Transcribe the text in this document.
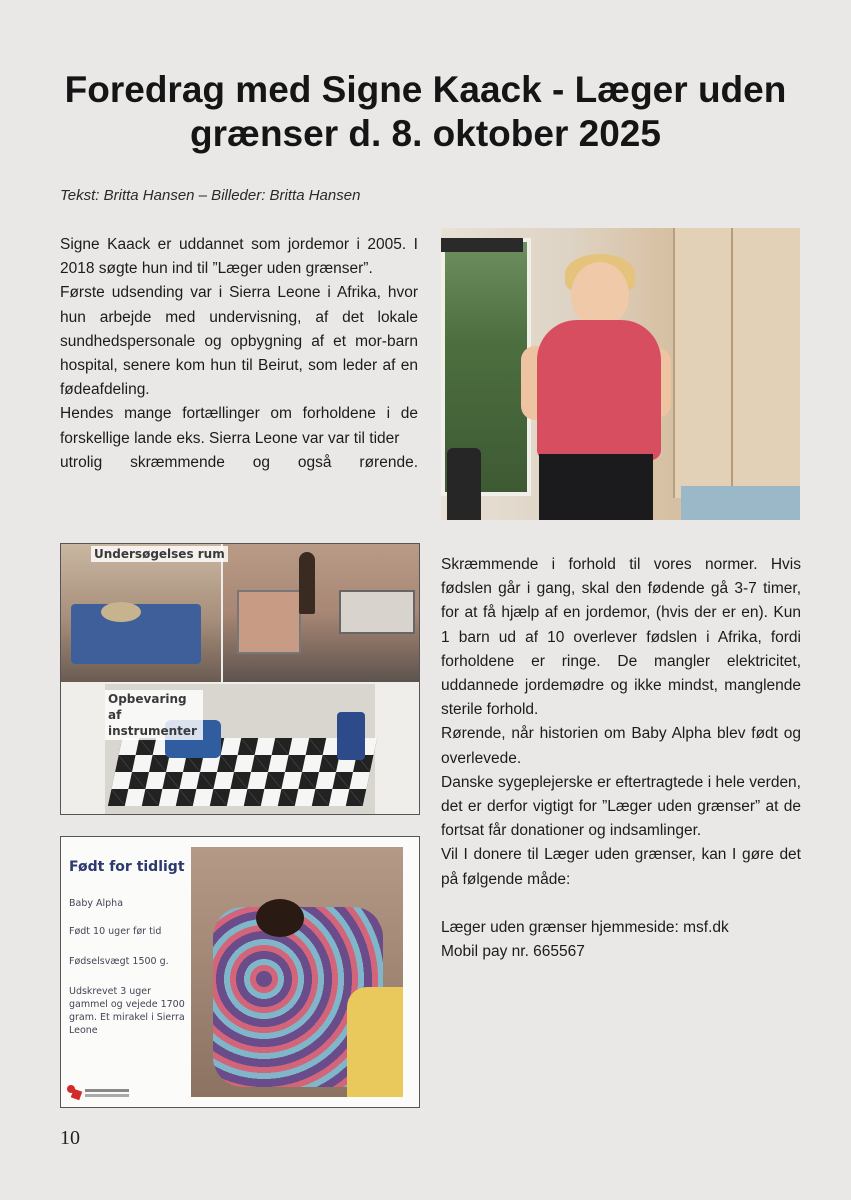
Foredrag med Signe Kaack - Læger uden grænser d. 8. oktober 2025
Tekst: Britta Hansen – Billeder: Britta Hansen

Signe Kaack er uddannet som jordemor i 2005. I 2018 søgte hun ind til ”Læger uden grænser”.

Første udsending var i Sierra Leone i Afrika, hvor hun arbejde med undervisning, af det lokale sundhedspersonale og opbygning af et mor-barn hospital, senere kom hun til Beirut, som leder af en fødeafdeling.

Hendes mange fortællinger om forholdene i de forskellige lande eks. Sierra Leone var var til tider

utrolig skræmmende og også rørende.

Undersøgelses rum
Opbevaring af instrumenter
Født for tidligt
Baby Alpha
Født 10 uger før tid
Fødselsvægt 1500 g.
Udskrevet 3 uger gammel og vejede 1700 gram. Et mirakel i Sierra Leone

Skræmmende i forhold til vores normer. Hvis fødslen går i gang, skal den fødende gå 3-7 timer, for at få hjælp af en jordemor, (hvis der er en). Kun 1 barn ud af 10 overlever fødslen i Afrika, fordi forholdene er ringe. De mangler elektricitet, uddannede jordemødre og ikke mindst, manglende sterile forhold.

Rørende, når historien om Baby Alpha blev født og overlevede.

Danske sygeplejerske er eftertragtede i hele verden, det er derfor vigtigt for ”Læger uden grænser” at de fortsat får donationer og indsamlinger.

Vil I donere til Læger uden grænser, kan I gøre det på følgende måde:

Læger uden grænser hjemmeside: msf.dk

Mobil pay nr. 665567

10
